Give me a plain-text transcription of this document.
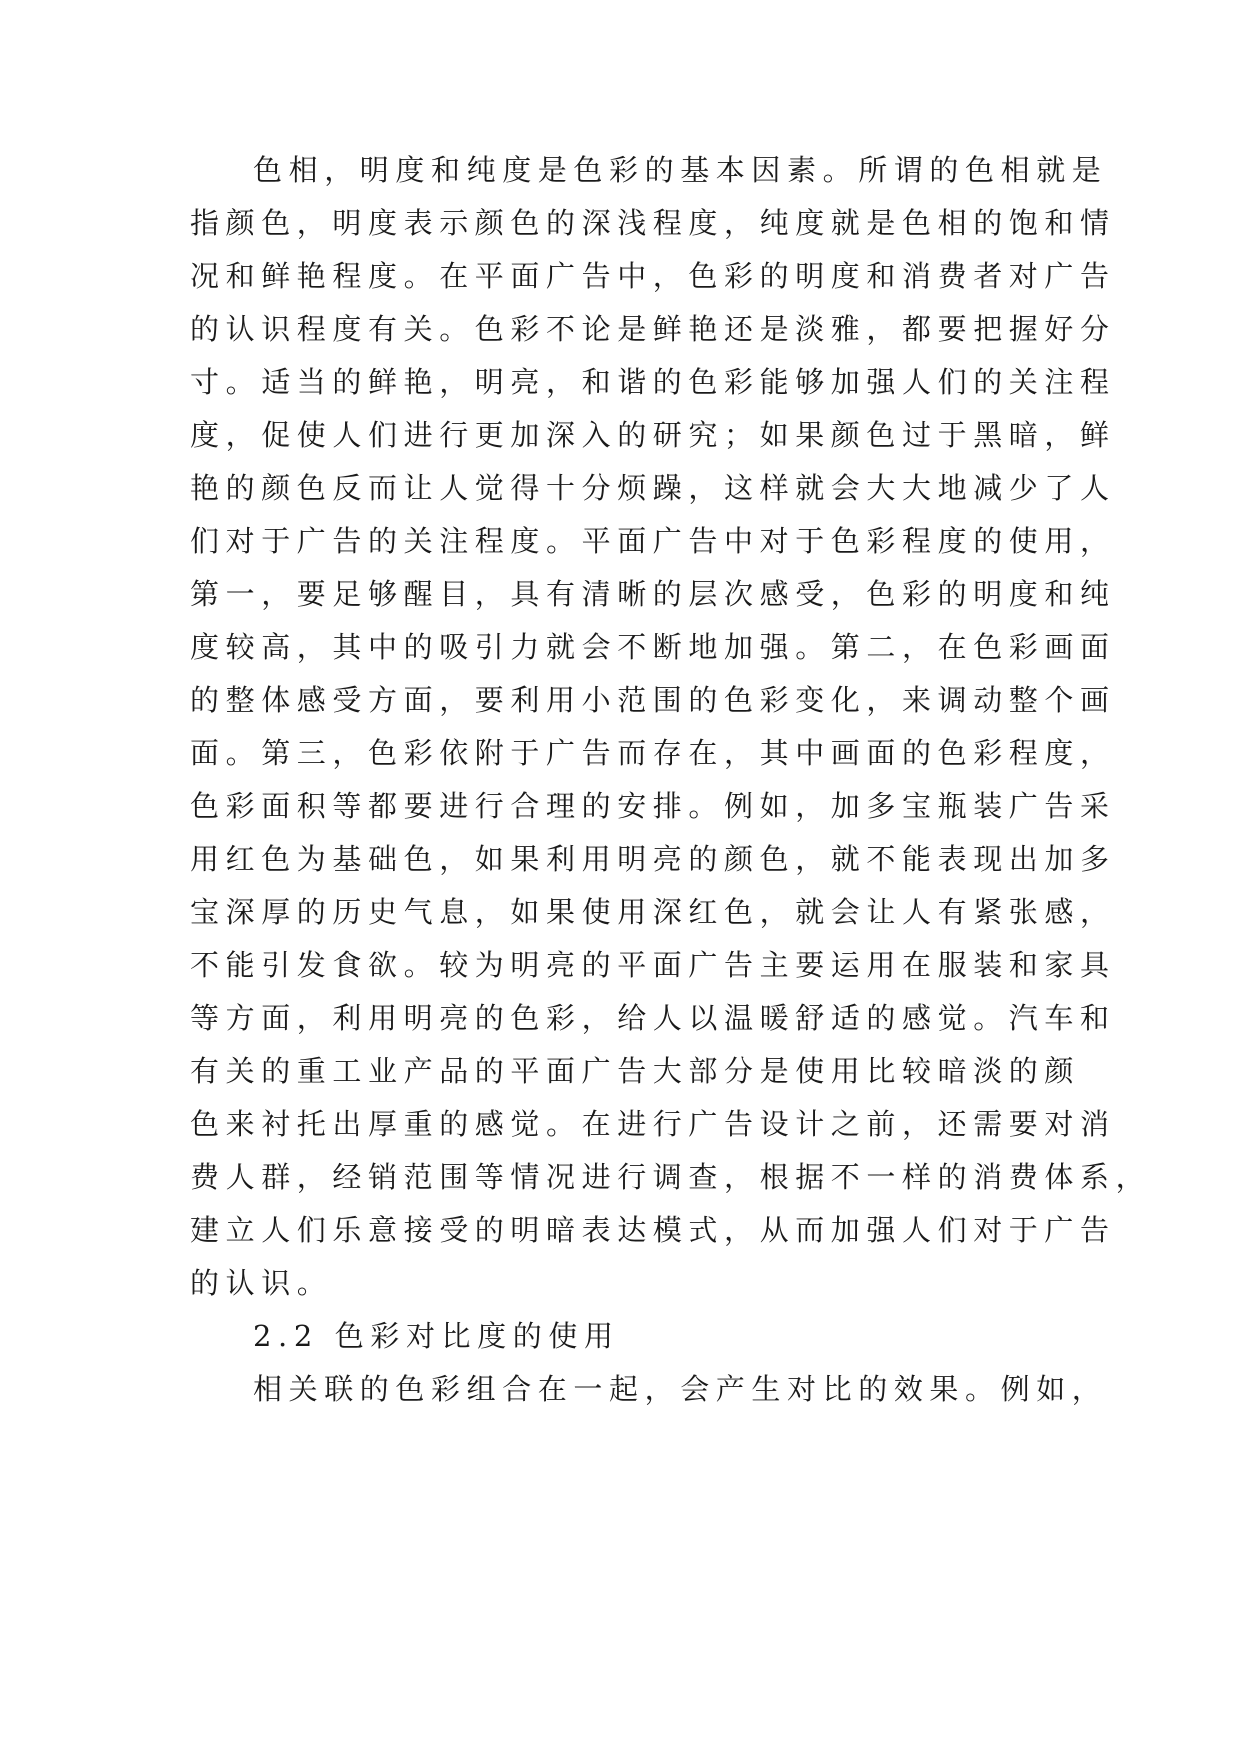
色相，明度和纯度是色彩的基本因素。所谓的色相就是
指颜色，明度表示颜色的深浅程度，纯度就是色相的饱和情
况和鲜艳程度。在平面广告中，色彩的明度和消费者对广告
的认识程度有关。色彩不论是鲜艳还是淡雅，都要把握好分
寸。适当的鲜艳，明亮，和谐的色彩能够加强人们的关注程
度，促使人们进行更加深入的研究；如果颜色过于黑暗，鲜
艳的颜色反而让人觉得十分烦躁，这样就会大大地减少了人
们对于广告的关注程度。平面广告中对于色彩程度的使用，
第一，要足够醒目，具有清晰的层次感受，色彩的明度和纯
度较高，其中的吸引力就会不断地加强。第二，在色彩画面
的整体感受方面，要利用小范围的色彩变化，来调动整个画
面。第三，色彩依附于广告而存在，其中画面的色彩程度，
色彩面积等都要进行合理的安排。例如，加多宝瓶装广告采
用红色为基础色，如果利用明亮的颜色，就不能表现出加多
宝深厚的历史气息，如果使用深红色，就会让人有紧张感，
不能引发食欲。较为明亮的平面广告主要运用在服装和家具
等方面，利用明亮的色彩，给人以温暖舒适的感觉。汽车和
有关的重工业产品的平面广告大部分是使用比较暗淡的颜
色来衬托出厚重的感觉。在进行广告设计之前，还需要对消
费人群，经销范围等情况进行调查，根据不一样的消费体系，
建立人们乐意接受的明暗表达模式，从而加强人们对于广告
的认识。
2.2 色彩对比度的使用
相关联的色彩组合在一起，会产生对比的效果。例如，
